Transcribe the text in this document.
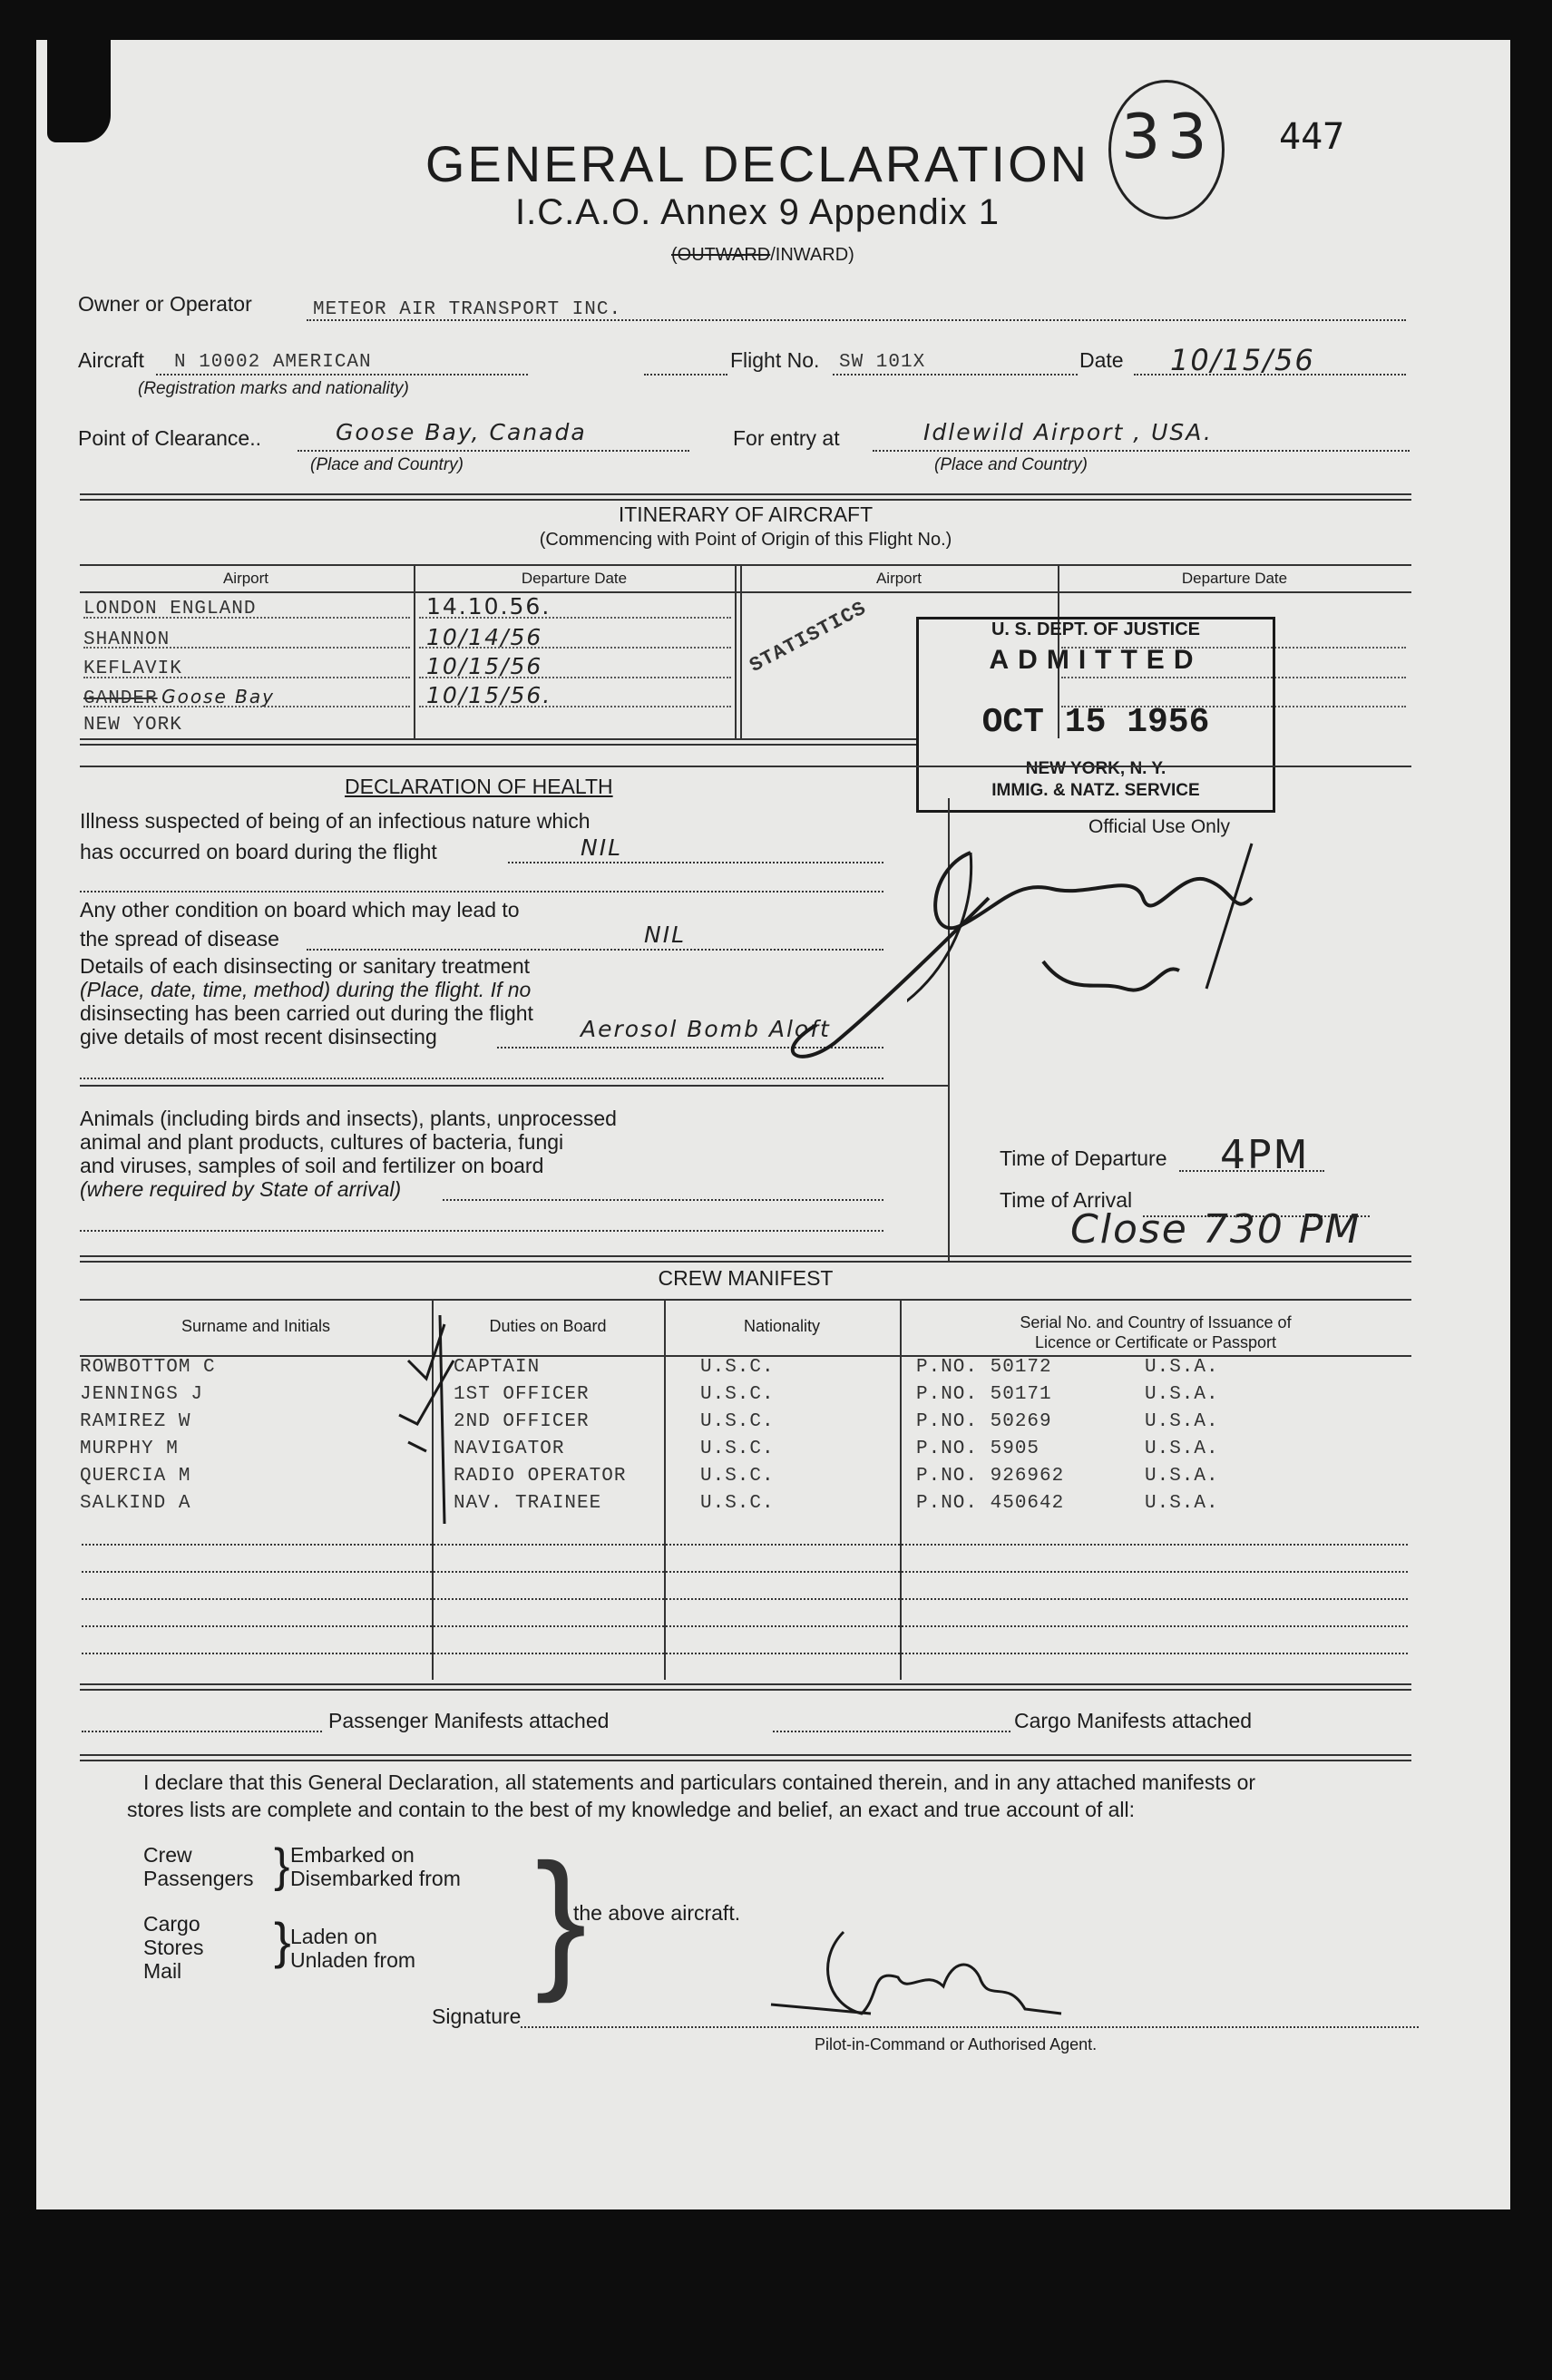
GENERAL DECLARATION
I.C.A.O. Annex 9 Appendix 1
(OUTWARD/INWARD)
33 447
Owner or Operator	METEOR AIR TRANSPORT INC.
Aircraft N 10002 AMERICAN
(Registration marks and nationality)
Flight No. SW 101X	Date 10/15/56
Point of Clearance..	Goose Bay, Canada
(Place and Country)
For entry at	Idlewild Airport , USA.
(Place and Country)
ITINERARY OF AIRCRAFT
(Commencing with Point of Origin of this Flight No.)
Airport	Departure Date	Airport	Departure Date
LONDON ENGLAND	14.10.56.
SHANNON	10/14/56
KEFLAVIK	10/15/56
GANDER Goose Bay	10/15/56.
NEW YORK
STATISTICS	U. S. DEPT. OF JUSTICE
ADMITTED
OCT 15 1956
NEW YORK, N. Y.
IMMIG. & NATZ. SERVICE
DECLARATION OF HEALTH
Official Use Only
Illness suspected of being of an infectious nature which
has occurred on board during the flight	NIL
Any other condition on board which may lead to
the spread of disease	NIL
Details of each disinsecting or sanitary treatment
(Place, date, time, method) during the flight. If no
disinsecting has been carried out during the flight
give details of most recent disinsecting	Aerosol Bomb Aloft
Animals (including birds and insects), plants, unprocessed
animal and plant products, cultures of bacteria, fungi
and viruses, samples of soil and fertilizer on board
(where required by State of arrival)
Time of Departure 4PM
Time of Arrival
Close 730 PM
CREW MANIFEST
Surname and Initials	Duties on Board	Nationality	Serial No. and Country of Issuance of
Licence or Certificate or Passport
ROWBOTTOM C	CAPTAIN	U.S.C.	P.NO. 50172	U.S.A.
JENNINGS J	1ST OFFICER	U.S.C.	P.NO. 50171	U.S.A.
RAMIREZ W	2ND OFFICER	U.S.C.	P.NO. 50269	U.S.A.
MURPHY M	NAVIGATOR	U.S.C.	P.NO. 5905	U.S.A.
QUERCIA M	RADIO OPERATOR	U.S.C.	P.NO. 926962	U.S.A.
SALKIND A	NAV. TRAINEE	U.S.C.	P.NO. 450642	U.S.A.
Passenger Manifests attached	Cargo Manifests attached
I declare that this General Declaration, all statements and particulars contained therein, and in any attached manifests or
stores lists are complete and contain to the best of my knowledge and belief, an exact and true account of all:
Crew
Passengers } Embarked on
Disembarked from
Cargo
Stores
Mail
} Laden on
Unladen from }
the above aircraft.
Signature
Pilot-in-Command or Authorised Agent.
